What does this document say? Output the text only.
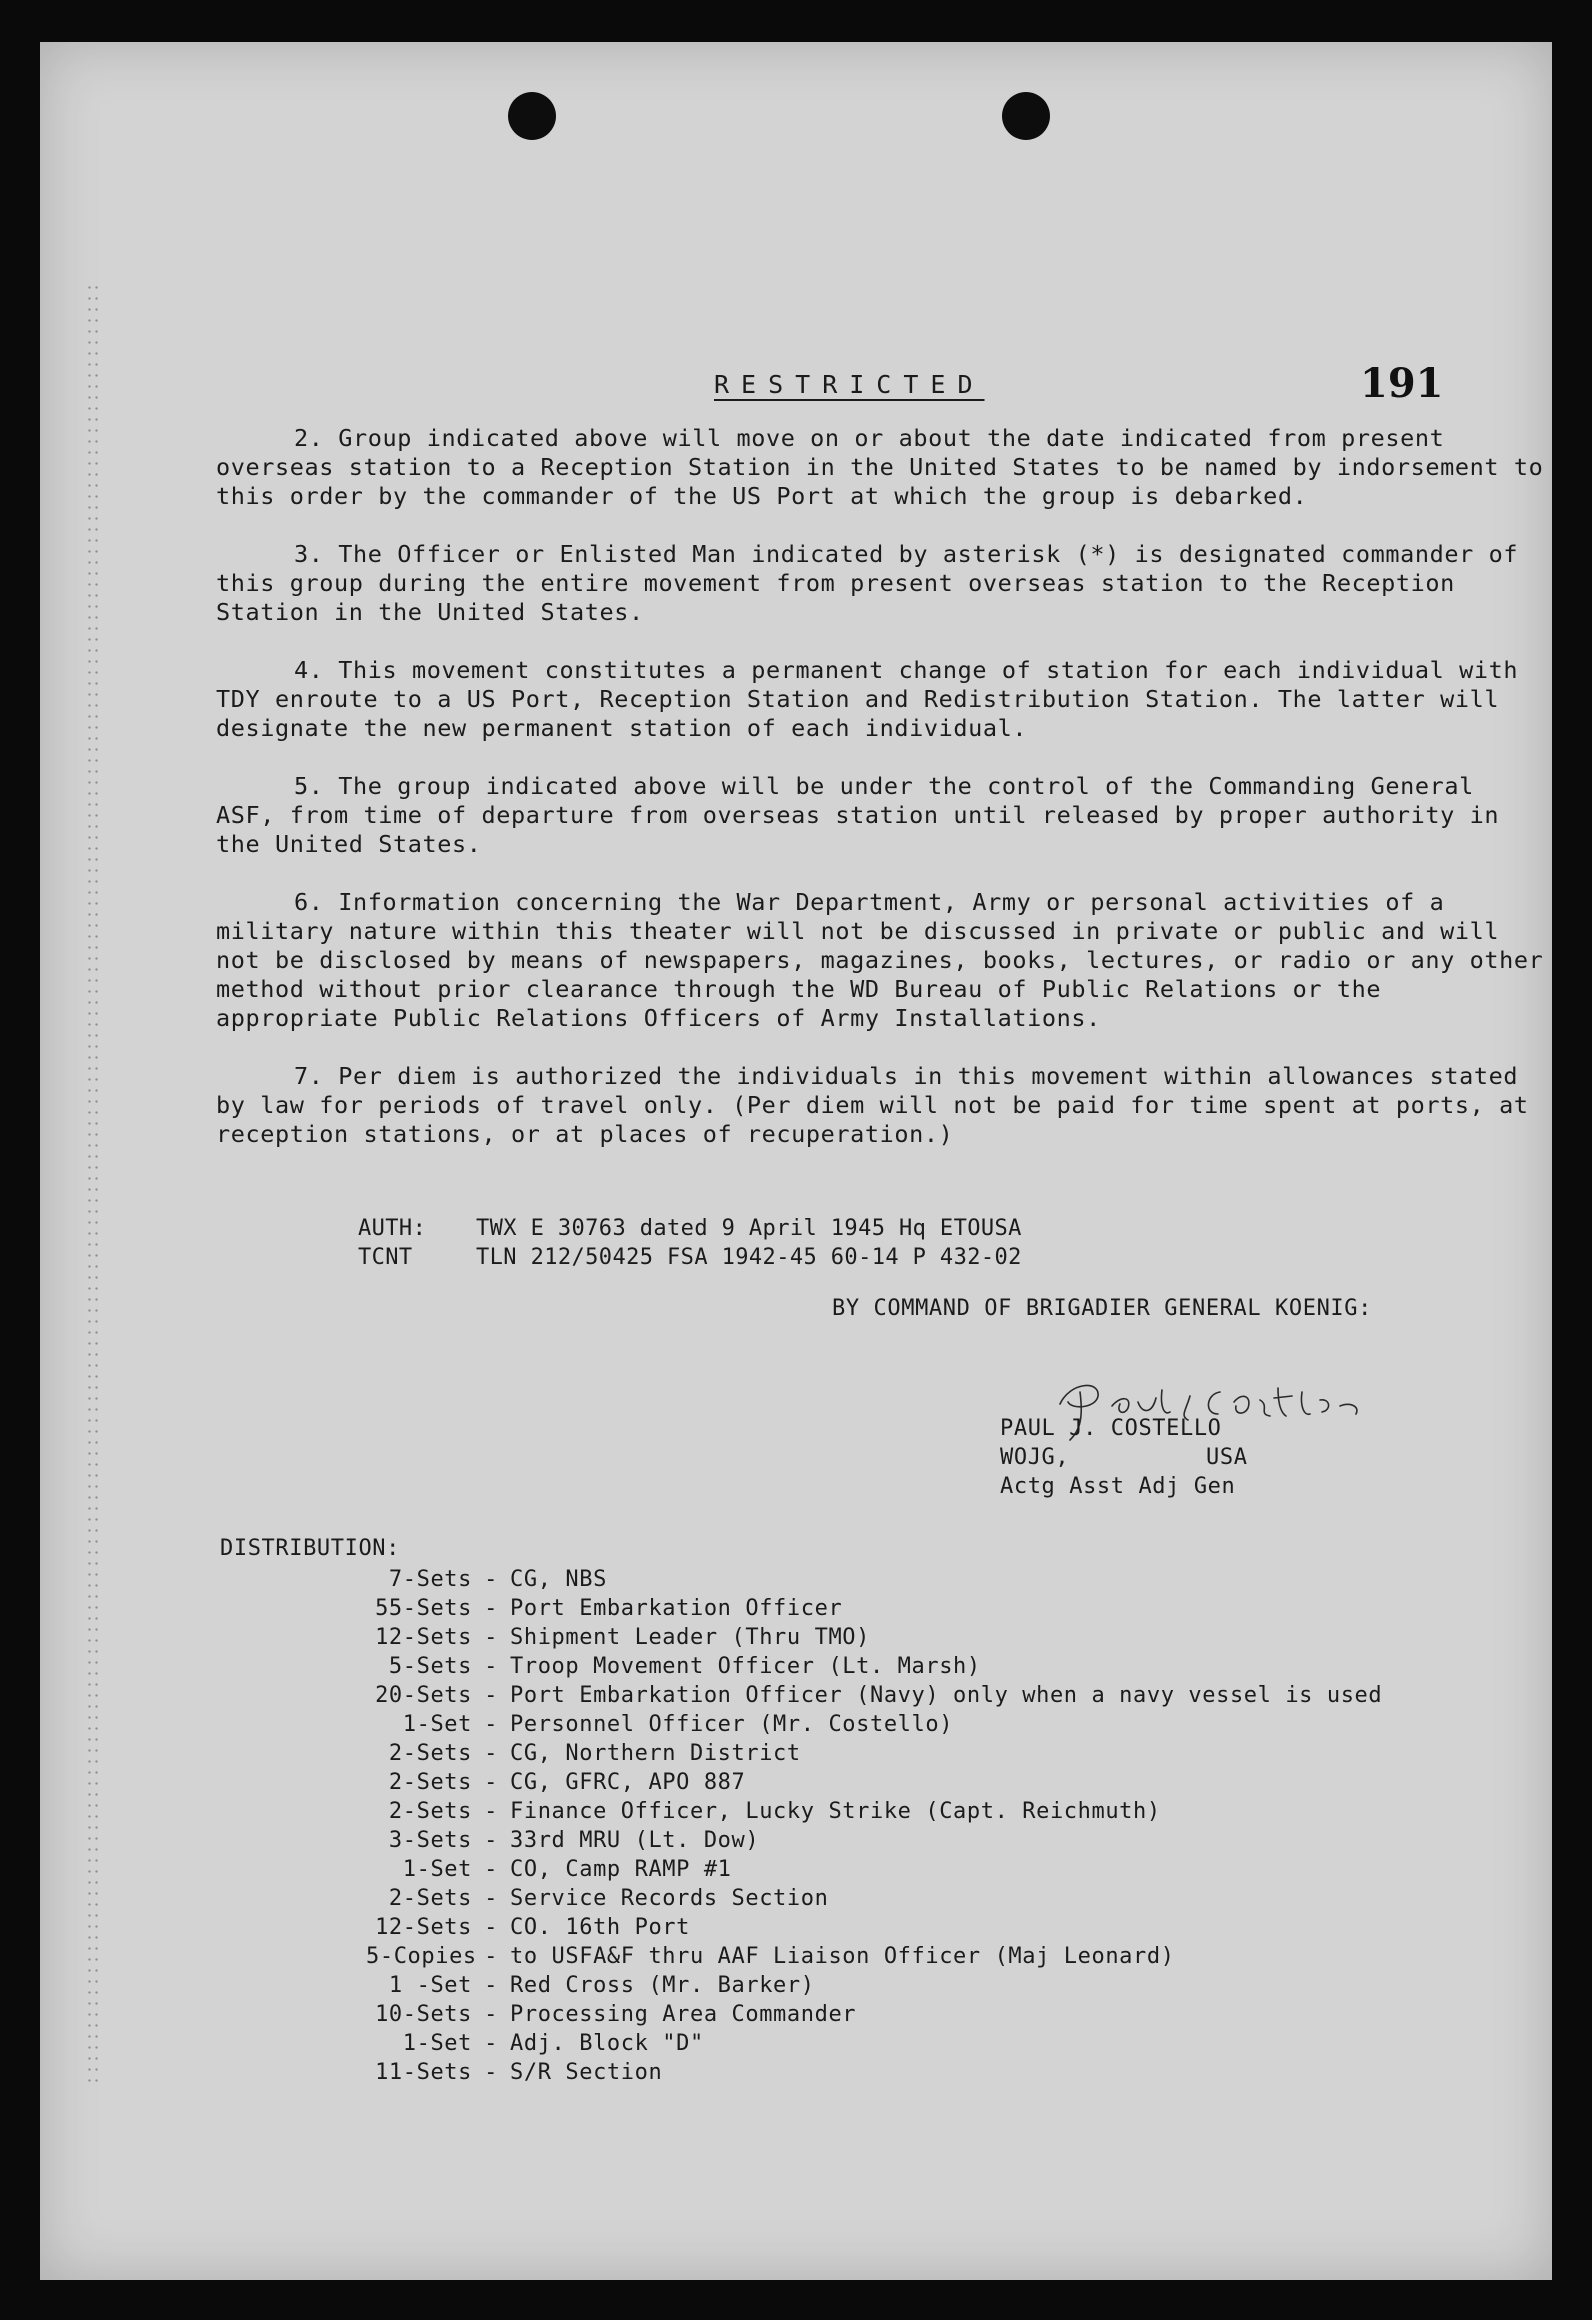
RESTRICTED	191

2. Group indicated above will move on or about the date indicated from present overseas station to a Reception Station in the United States to be named by indorsement to this order by the commander of the US Port at which the group is debarked.

3. The Officer or Enlisted Man indicated by asterisk (*) is designated commander of this group during the entire movement from present overseas station to the Reception Station in the United States.

4. This movement constitutes a permanent change of station for each individual with TDY enroute to a US Port, Reception Station and Redistribution Station. The latter will designate the new permanent station of each individual.

5. The group indicated above will be under the control of the Commanding General ASF, from time of departure from overseas station until released by proper authority in the United States.

6. Information concerning the War Department, Army or personal activities of a military nature within this theater will not be discussed in private or public and will not be disclosed by means of newspapers, magazines, books, lectures, or radio or any other method without prior clearance through the WD Bureau of Public Relations or the appropriate Public Relations Officers of Army Installations.

7. Per diem is authorized the individuals in this movement within allowances stated by law for periods of travel only. (Per diem will not be paid for time spent at ports, at reception stations, or at places of recuperation.)

AUTH:	TWX E 30763 dated 9 April 1945 Hq ETOUSA
TCNT	TLN 212/50425 FSA 1942-45 60-14 P 432-02
BY COMMAND OF BRIGADIER GENERAL KOENIG:
PAUL J. COSTELLO
WOJG,	USA
Actg Asst Adj Gen
DISTRIBUTION:
7-Sets - CG, NBS
55-Sets - Port Embarkation Officer
12-Sets - Shipment Leader (Thru TMO)
5-Sets - Troop Movement Officer (Lt. Marsh)
20-Sets - Port Embarkation Officer (Navy) only when a navy vessel is used
1-Set - Personnel Officer (Mr. Costello)
2-Sets - CG, Northern District
2-Sets - CG, GFRC, APO 887
2-Sets - Finance Officer, Lucky Strike (Capt. Reichmuth)
3-Sets - 33rd MRU (Lt. Dow)
1-Set - CO, Camp RAMP #1
2-Sets - Service Records Section
12-Sets - CO. 16th Port
5-Copies - to USFA&F thru AAF Liaison Officer (Maj Leonard)
1 -Set - Red Cross (Mr. Barker)
10-Sets - Processing Area Commander
1-Set - Adj. Block "D"
11-Sets - S/R Section
